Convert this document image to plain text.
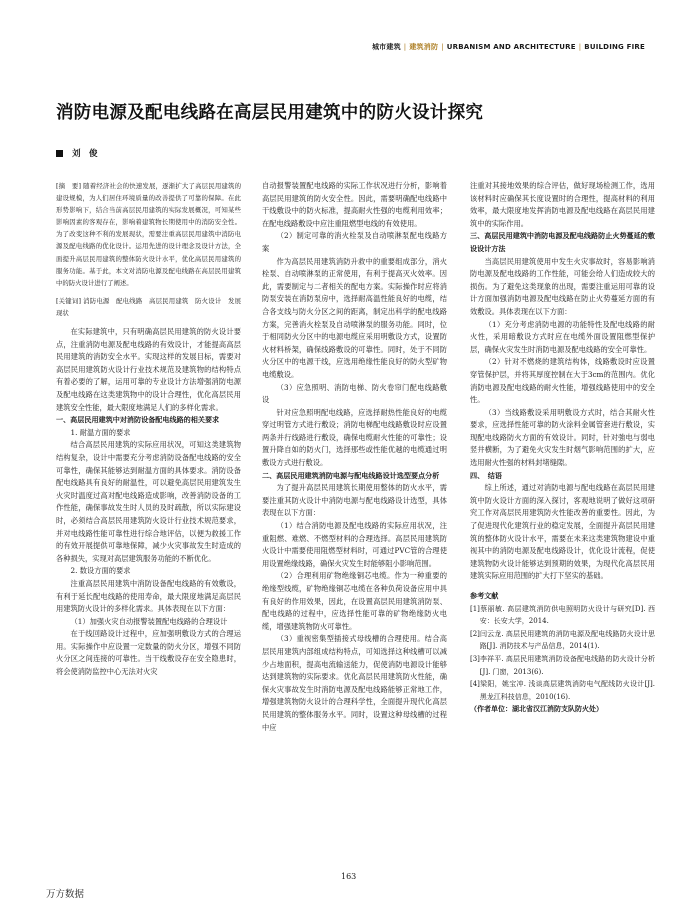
城市建筑 | 建筑消防 | URBANISM AND ARCHITECTURE | BUILDING FIRE
消防电源及配电线路在高层民用建筑中的防火设计探究
刘　俊

[摘　要] 随着经济社会的快速发展，逐渐扩大了高层民用建筑的建设规模，为人们居住环境质量的改善提供了可靠的保障。在此形势影响下，结合当前高层民用建筑的实际发展概况，可知某些影响因素的客观存在，影响着建筑物长期使用中的消防安全性。为了改变这种不利的发展现状，需要注重高层民用建筑中消防电源及配电线路的优化设计。运用先进的设计理念及设计方法，全面提升高层民用建筑的整体防火设计水平，优化高层民用建筑的服务功能。基于此，本文对消防电源及配电线路在高层民用建筑中的防火设计进行了阐述。

[关键词] 消防电源　配电线路　高层民用建筑　防火设计　发展现状

在实际建筑中，只有明确高层民用建筑的防火设计要点，注重消防电源及配电线路的有效设计，才能提高高层民用建筑的消防安全水平。实现这样的发展目标，需要对高层民用建筑防火设计行业技术规范及建筑物的结构特点有着必要的了解，运用可靠的专业设计方法增强消防电源及配电线路在这类建筑物中的设计合理性，优化高层民用建筑安全性能，最大限度地满足人们的多样化需求。

一、高层民用建筑中对消防设备配电线路的相关要求

1. 耐温方面的要求

结合高层民用建筑的实际应用状况，可知这类建筑物结构复杂，设计中需要充分考虑消防设备配电线路的安全可靠性，确保其能够达到耐温方面的具体要求。消防设备配电线路具有良好的耐温性，可以避免高层民用建筑发生火灾时温度过高对配电线路造成影响，改善消防设备的工作性能，确保事故发生时人员的及时疏散，所以实际建设时，必须结合高层民用建筑防火设计行业技术规范要求，并对电线路性能可靠性进行综合地评估，以便为救援工作的有效开展提供可靠地保障，减少火灾事故发生时造成的各种损失，实现对高层建筑服务功能的不断优化。

2. 数设方面的要求

注重高层民用建筑中消防设备配电线路的有效敷设，有利于延长配电线路的使用寿命，最大限度地满足高层民用建筑防火设计的多样化需求。具体表现在以下方面：

（1）加强火灾自动报警装置配电线路的合理设计

在于线回路设计过程中，应加强明敷设方式的合理运用。实际操作中应设置一定数量的防火分区，增强不同防火分区之间连接的可靠性。当干线敷设存在安全隐患时，将会使消防监控中心无法对火灾

自动报警装置配电线路的实际工作状况进行分析，影响着高层民用建筑的防火安全性。因此，需要明确配电线路中干线敷设中的防火标准，提高耐火性强的电缆利用效率；在配电线路敷设中应注重阻燃型电线的有效使用。

（2）制定可靠的消火栓泵及自动喷淋泵配电线路方案

作为高层民用建筑消防升救中的重要组成部分，消火栓泵、自动喷淋泵的正常使用，有利于提高灭火效率。因此，需要制定与二者相关的配电方案。实际操作时应将消防泵安装在消防泵房中，选择耐高温性能良好的电缆，结合各支线与防火分区之间的距离，制定出科学的配电线路方案，完善消火栓泵及自动喷淋泵的服务功能。同时，位于相同防火分区中的电源电缆应采用明敷设方式，设置防火材料桥架，确保线路敷设的可靠性。同时，处于不同防火分区中的电源干线，应选用绝缘性能良好的防火型矿物电缆敷设。

（3）应急照明、消防电梯、防火卷帘门配电线路敷设

针对应急照明配电线路，应选择耐热性能良好的电缆穿过明管方式进行敷设；消防电梯配电线路敷设时应设置两条并行线路进行敷设，确保电缆耐火性能的可靠性；设置升降自如的防火门，选择那些或性能优越的电缆通过明敷设方式进行敷设。

二、高层民用建筑消防电源与配电线路设计选型要点分析

为了提升高层民用建筑长期使用整体的防火水平，需要注重其防火设计中消防电源与配电线路设计选型，具体表现在以下方面：

（1）结合消防电源及配电线路的实际应用状况，注重阻燃、难燃、不燃型材料的合理选择。高层民用建筑防火设计中需要使用阻燃型材料时，可通过PVC管的合理使用设置绝缘线路，确保火灾发生时能够阻小影响范围。

（2）合理利用矿物绝缘铜芯电缆。作为一种重要的绝缘型线缆，矿物绝缘铜芯电缆在各种负荷设备应用中具有良好的作用效果，因此，在设置高层民用建筑消防泵、配电线路的过程中，应选择性能可靠的矿物绝缘防火电缆，增强建筑物防火可靠性。

（3）重视密集型插接式母线槽的合理使用。结合高层民用建筑内部组成结构特点，可知选择这种线槽可以减少占地面积，提高电流输送能力，促使消防电源设计能够达到建筑物的实际要求。优化高层民用建筑防火性能，确保火灾事故发生时消防电源及配电线路能够正常地工作，增强建筑物防火设计的合理科学性，全面提升现代化高层民用建筑的整体服务水平。同时，设置这种母线槽的过程中应

注重对其接地效果的综合评估，做好现场检测工作，选用该材料时应确保其长度设置时的合理性，提高材料的利用效率，最大限度地发挥消防电源及配电线路在高层民用建筑中的实际作用。

三、高层民用建筑中消防电源及配电线路防止火势蔓延的敷设设计方法

当高层民用建筑使用中发生火灾事故时，容易影响消防电源及配电线路的工作性能，可能会给人们造成较大的损伤。为了避免这类现象的出现，需要注重运用可靠的设计方面加强消防电源及配电线路在防止火势蔓延方面的有效敷设。具体表现在以下方面：

（1）充分考虑消防电源的功能特性及配电线路的耐火性，采用暗敷设方式时应在电缆外面设置阻燃型保护层，确保火灾发生时消防电源及配电线路的安全可靠性。

（2）针对不燃烧的建筑结构体，线路敷设时应设置穿管保护层，并将其厚度控制在大于3cm的范围内。优化消防电源及配电线路的耐火性能，增强线路使用中的安全性。

（3）当线路敷设采用明敷设方式时，结合其耐火性要求，应选择性能可靠的防火涂料金属管套进行敷设，实现配电线路防火方面的有效设计。同时，针对強电与弱电竖井横断，为了避免火灾发生时烟气影响范围的扩大，应选用耐火性强的材料封堵缝隙。

四、　结语

综上所述，通过对消防电源与配电线路在高层民用建筑中防火设计方面的深入探讨，客观地说明了做好这项研究工作对高层民用建筑防火性能改善的重要性。因此，为了促进现代化建筑行业的稳定发展，全面提升高层民用建筑的整体防火设计水平，需要在未来这类建筑物建设中重视其中的消防电源及配电线路设计，优化设计流程，促使建筑物防火设计能够达到预期的效果，为现代化高层民用建筑实际应用范围的扩大打下坚实的基础。

参考文献

[1]蔡丽敏. 高层建筑消防供电照明防火设计与研究[D]. 西安：长安大学，2014.

[2]闫云龙. 高层民用建筑的消防电源及配电线路防火设计思路[J]. 消防技术与产品信息，2014(1).

[3]李祥平. 高层民用建筑消防设备配电线路的防火设计分析[J]. 门窗，2013(6).

[4]梁阳，姚宝冲. 浅谈高层建筑消防电气配线防火设计[J]. 黑龙江科技信息，2010(16).

（作者单位：湖北省汉江消防支队防火处）

163
万方数据
